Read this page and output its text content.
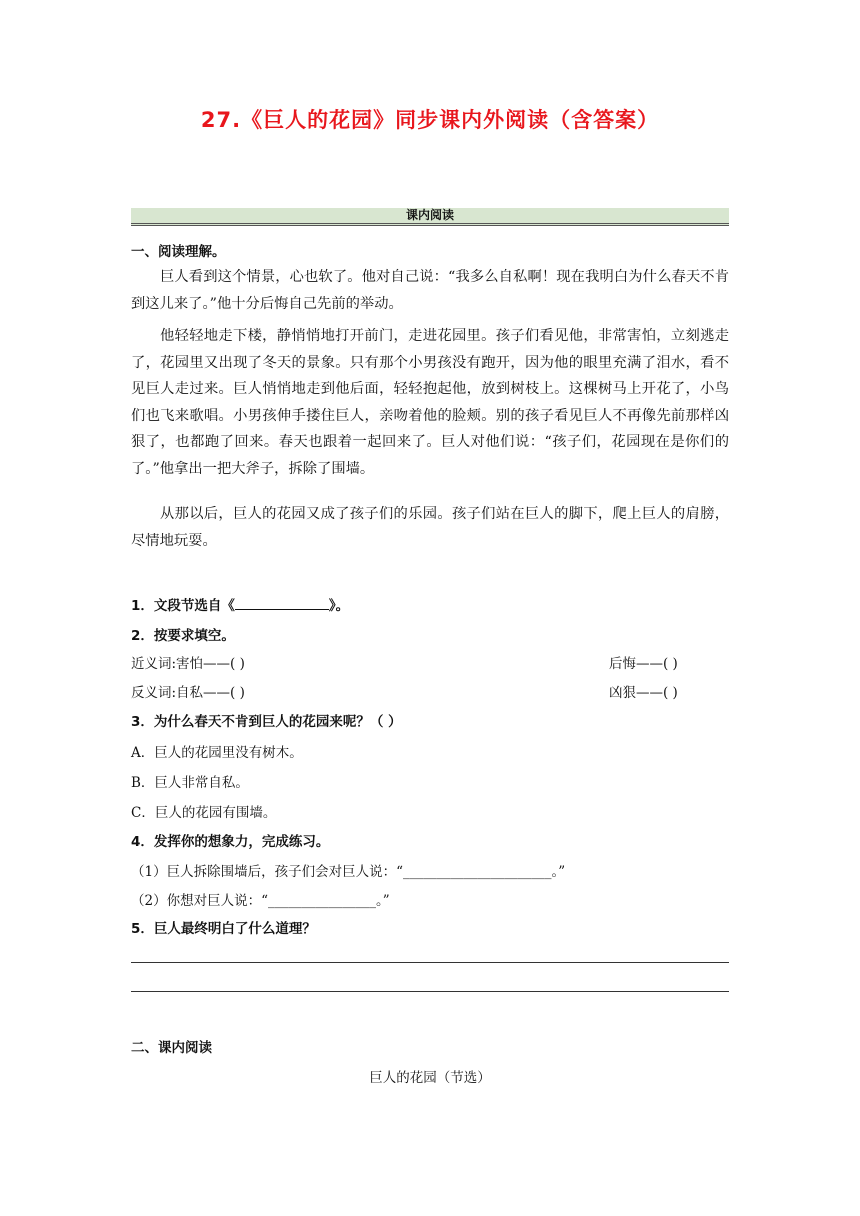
27.《巨人的花园》同步课内外阅读（含答案）
课内阅读
一、阅读理解。

巨人看到这个情景，心也软了。他对自己说：“我多么自私啊！现在我明白为什么春天不肯到这儿来了。”他十分后悔自己先前的举动。

他轻轻地走下楼，静悄悄地打开前门，走进花园里。孩子们看见他，非常害怕，立刻逃走了，花园里又出现了冬天的景象。只有那个小男孩没有跑开，因为他的眼里充满了泪水，看不见巨人走过来。巨人悄悄地走到他后面，轻轻抱起他，放到树枝上。这棵树马上开花了，小鸟们也飞来歌唱。小男孩伸手搂住巨人，亲吻着他的脸颊。别的孩子看见巨人不再像先前那样凶狠了，也都跑了回来。春天也跟着一起回来了。巨人对他们说：“孩子们，花园现在是你们的了。”他拿出一把大斧子，拆除了围墙。

从那以后，巨人的花园又成了孩子们的乐园。孩子们站在巨人的脚下，爬上巨人的肩膀，尽情地玩耍。

1．文段节选自《	》。
2．按要求填空。
近义词:害怕——( )	后悔——( )
反义词:自私——( )	凶狠——( )
3．为什么春天不肯到巨人的花园来呢？（ ）
A．巨人的花园里没有树木。
B．巨人非常自私。
C．巨人的花园有围墙。
4．发挥你的想象力，完成练习。
（1）巨人拆除围墙后，孩子们会对巨人说：“______________________。”
（2）你想对巨人说：“________________。”
5．巨人最终明白了什么道理？
二、课内阅读
巨人的花园（节选）
